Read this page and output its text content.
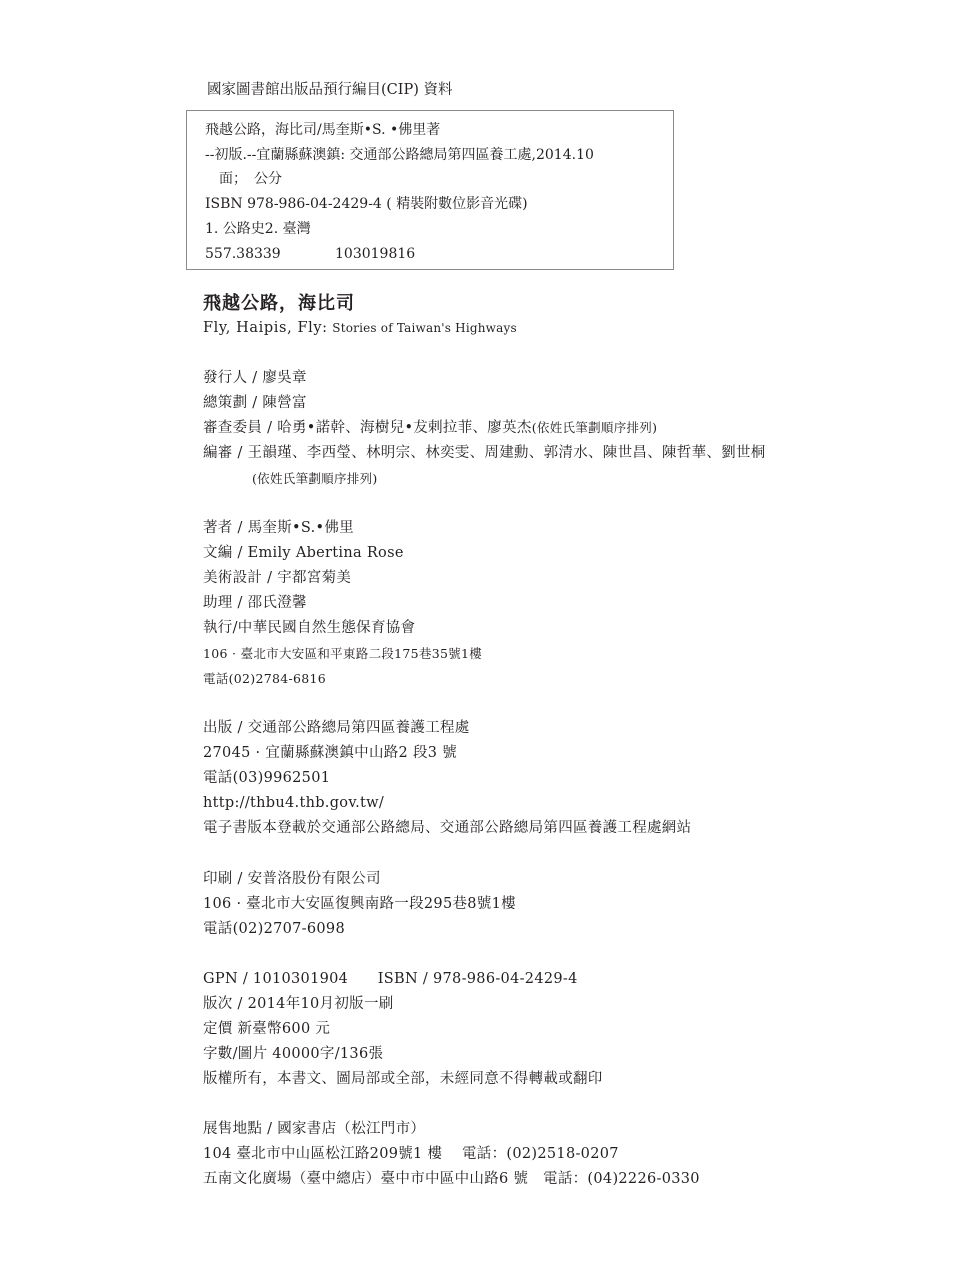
國家圖書館出版品預行編目(CIP) 資料
飛越公路，海比司/馬奎斯•S. •佛里著
--初版.--宜蘭縣蘇澳鎮: 交通部公路總局第四區養工處,2014.10
　面；　公分
ISBN 978-986-04-2429-4 ( 精裝附數位影音光碟)
1. 公路史2. 臺灣
557.38339	103019816
飛越公路，海比司
Fly, Haipis, Fly: Stories of Taiwan's Highways
發行人 / 廖吳章
總策劃 / 陳營富
審查委員 / 哈勇•諾幹、海樹兒•犮剌拉菲、廖英杰(依姓氏筆劃順序排列)
編審 / 王韻瑾、李西瑩、林明宗、林奕雯、周建勳、郭清水、陳世昌、陳哲華、劉世桐
(依姓氏筆劃順序排列)
著者 / 馬奎斯•S.•佛里
文編 / Emily Abertina Rose
美術設計 / 宇都宮菊美
助理 / 邵氏澄馨
執行/中華民國自然生態保育協會
106 · 臺北市大安區和平東路二段175巷35號1樓
電話(02)2784-6816
出版 / 交通部公路總局第四區養護工程處
27045 · 宜蘭縣蘇澳鎮中山路2 段3 號
電話(03)9962501
http://thbu4.thb.gov.tw/
電子書版本登載於交通部公路總局、交通部公路總局第四區養護工程處網站
印刷 / 安普洛股份有限公司
106 · 臺北市大安區復興南路一段295巷8號1樓
電話(02)2707-6098
GPN / 1010301904　　ISBN / 978-986-04-2429-4
版次 / 2014年10月初版一刷
定價 新臺幣600 元
字數/圖片 40000字/136張
版權所有，本書文、圖局部或全部，未經同意不得轉載或翻印
展售地點 / 國家書店（松江門市）
104 臺北市中山區松江路209號1 樓　 電話：(02)2518-0207
五南文化廣場（臺中總店）臺中市中區中山路6 號　電話：(04)2226-0330
